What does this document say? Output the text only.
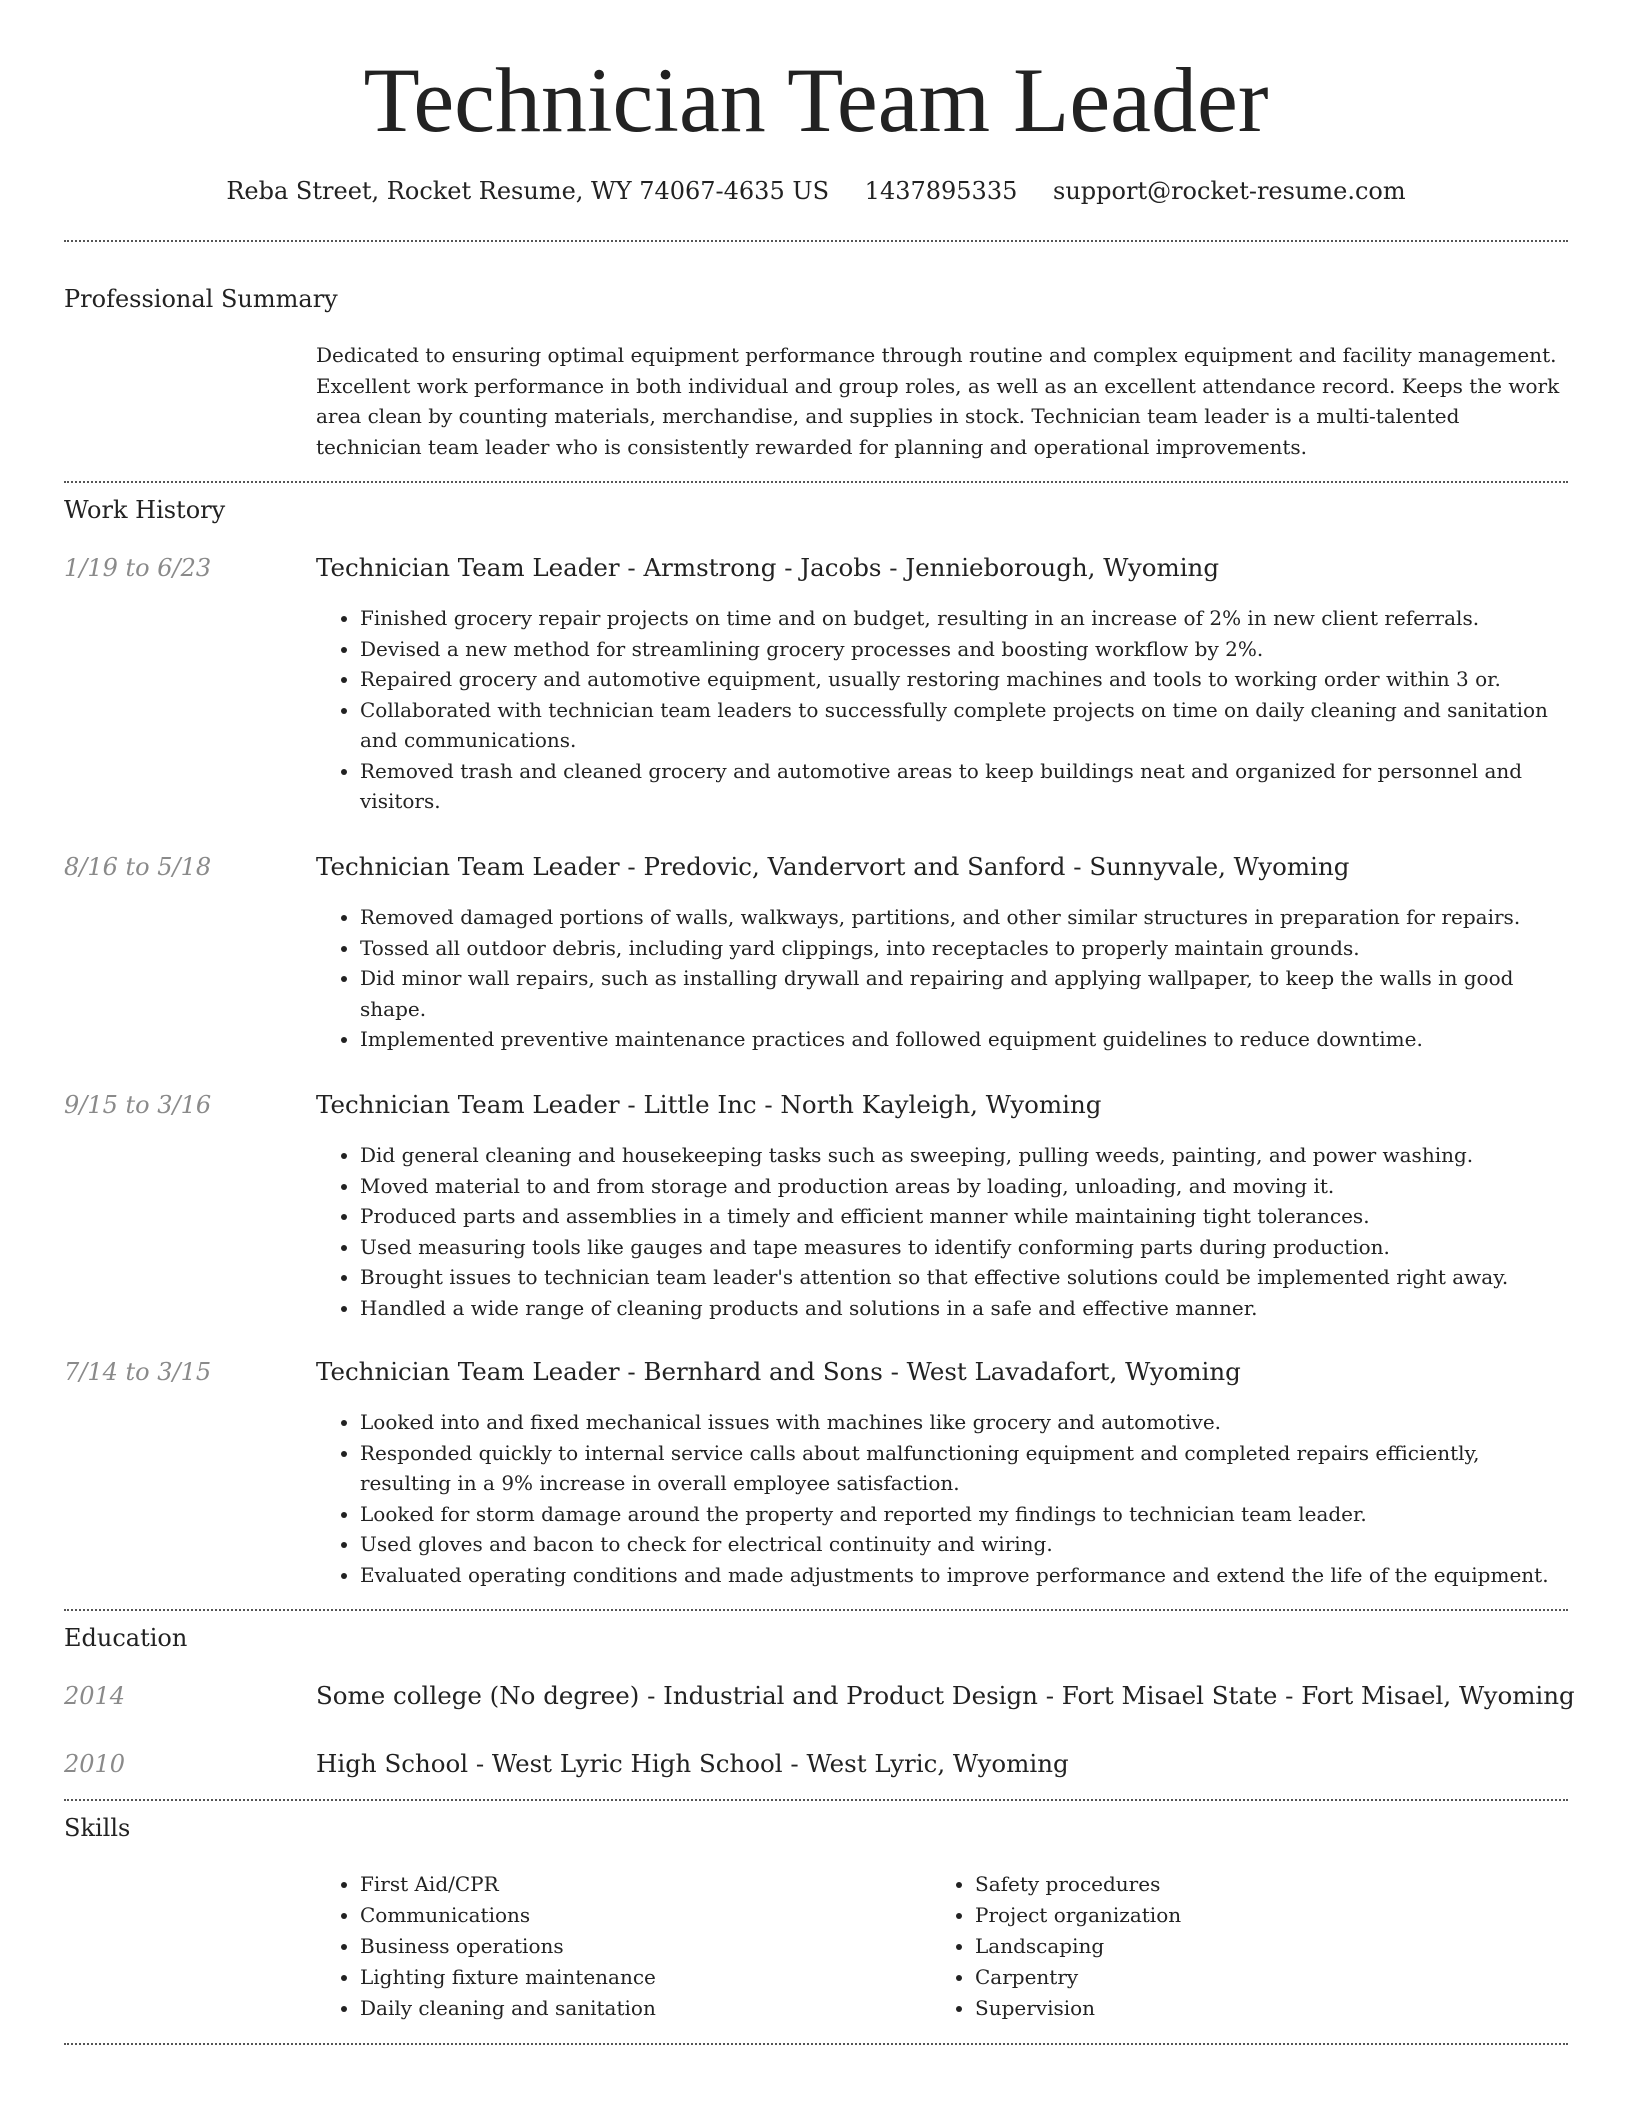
Technician Team Leader
Reba Street, Rocket Resume, WY 74067-4635 US 1437895335 support@rocket-resume.com
Professional Summary

Dedicated to ensuring optimal equipment performance through routine and complex equipment and facility management. Excellent work performance in both individual and group roles, as well as an excellent attendance record. Keeps the work area clean by counting materials, merchandise, and supplies in stock. Technician team leader is a multi-talented technician team leader who is consistently rewarded for planning and operational improvements.

Work History
1/19 to 6/23	Technician Team Leader - Armstrong - Jacobs - Jennieborough, Wyoming
• Finished grocery repair projects on time and on budget, resulting in an increase of 2% in new client referrals.
• Devised a new method for streamlining grocery processes and boosting workflow by 2%.
• Repaired grocery and automotive equipment, usually restoring machines and tools to working order within 3 or.
• Collaborated with technician team leaders to successfully complete projects on time on daily cleaning and sanitation and communications.
• Removed trash and cleaned grocery and automotive areas to keep buildings neat and organized for personnel and visitors.
8/16 to 5/18	Technician Team Leader - Predovic, Vandervort and Sanford - Sunnyvale, Wyoming
• Removed damaged portions of walls, walkways, partitions, and other similar structures in preparation for repairs.
• Tossed all outdoor debris, including yard clippings, into receptacles to properly maintain grounds.
• Did minor wall repairs, such as installing drywall and repairing and applying wallpaper, to keep the walls in good shape.
• Implemented preventive maintenance practices and followed equipment guidelines to reduce downtime.
9/15 to 3/16	Technician Team Leader - Little Inc - North Kayleigh, Wyoming
• Did general cleaning and housekeeping tasks such as sweeping, pulling weeds, painting, and power washing.
• Moved material to and from storage and production areas by loading, unloading, and moving it.
• Produced parts and assemblies in a timely and efficient manner while maintaining tight tolerances.
• Used measuring tools like gauges and tape measures to identify conforming parts during production.
• Brought issues to technician team leader's attention so that effective solutions could be implemented right away.
• Handled a wide range of cleaning products and solutions in a safe and effective manner.
7/14 to 3/15	Technician Team Leader - Bernhard and Sons - West Lavadafort, Wyoming
• Looked into and fixed mechanical issues with machines like grocery and automotive.
• Responded quickly to internal service calls about malfunctioning equipment and completed repairs efficiently, resulting in a 9% increase in overall employee satisfaction.
• Looked for storm damage around the property and reported my findings to technician team leader.
• Used gloves and bacon to check for electrical continuity and wiring.
• Evaluated operating conditions and made adjustments to improve performance and extend the life of the equipment.
Education
2014	Some college (No degree) - Industrial and Product Design - Fort Misael State - Fort Misael, Wyoming
2010	High School - West Lyric High School - West Lyric, Wyoming
Skills
• First Aid/CPR
• Communications
• Business operations
• Lighting fixture maintenance
• Daily cleaning and sanitation
• Safety procedures
• Project organization
• Landscaping
• Carpentry
• Supervision
